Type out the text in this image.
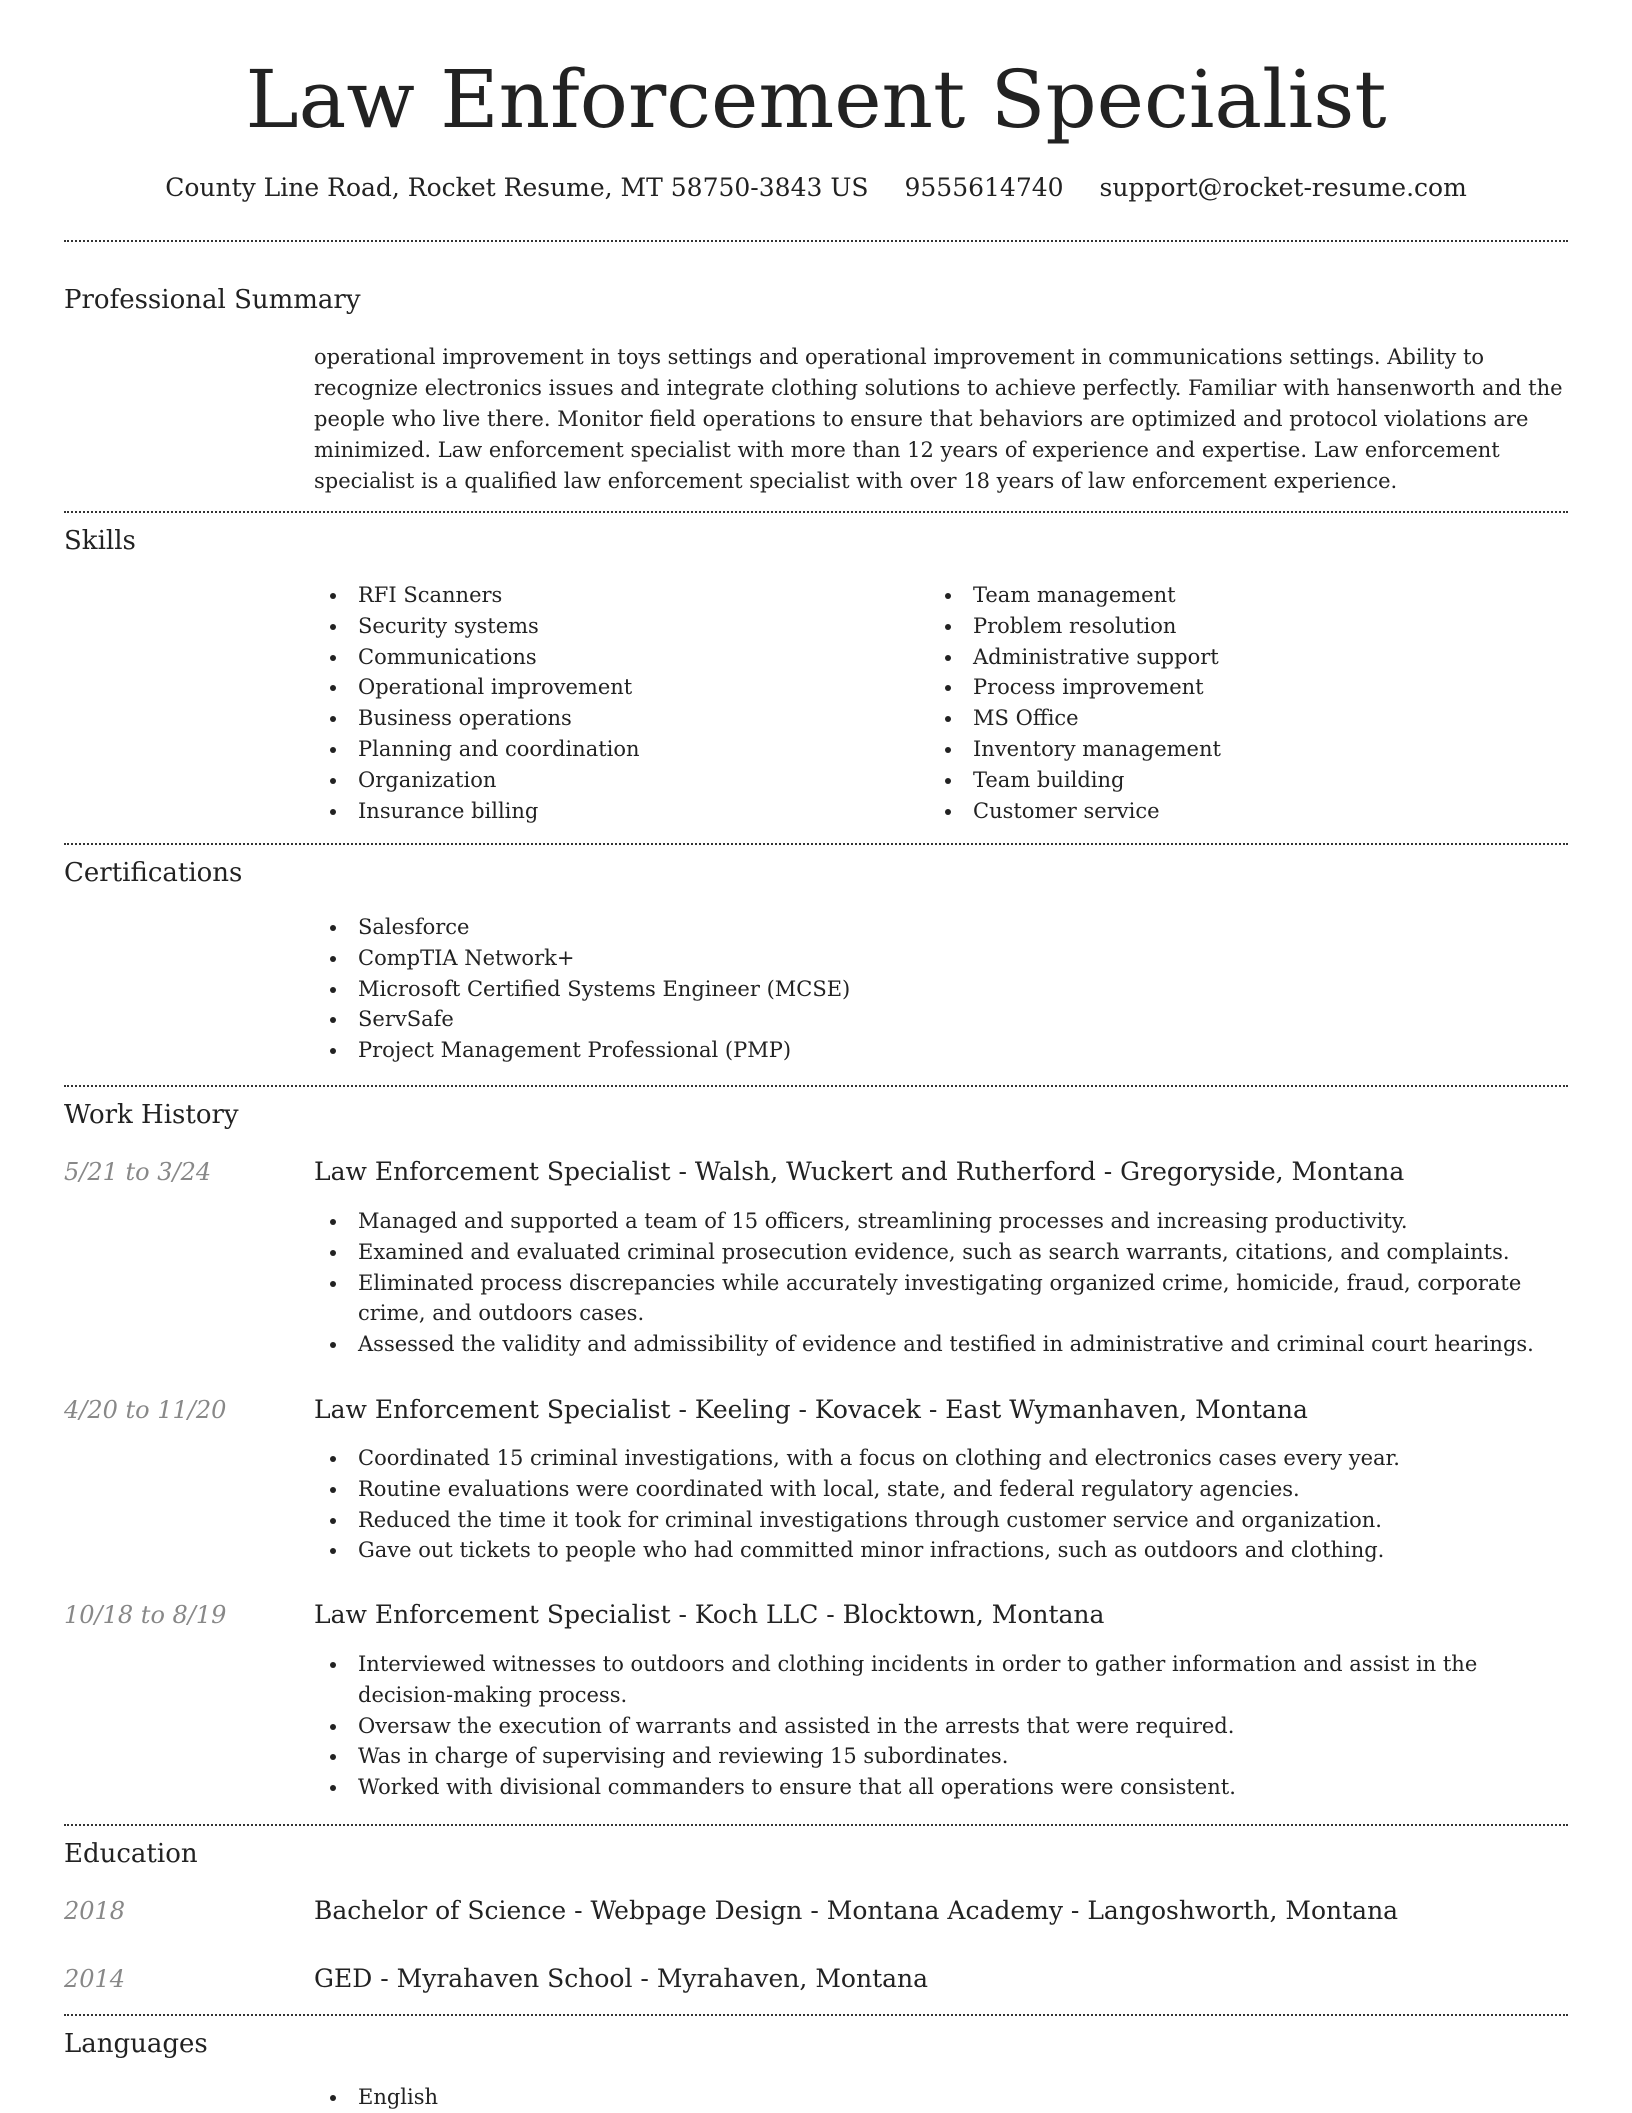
Law Enforcement Specialist
County Line Road, Rocket Resume, MT 58750-3843 US 9555614740 support@rocket-resume.com
Professional Summary

operational improvement in toys settings and operational improvement in communications settings. Ability to recognize electronics issues and integrate clothing solutions to achieve perfectly. Familiar with hansenworth and the people who live there. Monitor field operations to ensure that behaviors are optimized and protocol violations are minimized. Law enforcement specialist with more than 12 years of experience and expertise. Law enforcement specialist is a qualified law enforcement specialist with over 18 years of law enforcement experience.

Skills
RFI Scanners
Security systems
Communications
Operational improvement
Business operations
Planning and coordination
Organization
Insurance billing
Team management
Problem resolution
Administrative support
Process improvement
MS Office
Inventory management
Team building
Customer service
Certifications
Salesforce
CompTIA Network+
Microsoft Certified Systems Engineer (MCSE)
ServSafe
Project Management Professional (PMP)
Work History
5/21 to 3/24	Law Enforcement Specialist - Walsh, Wuckert and Rutherford - Gregoryside, Montana
Managed and supported a team of 15 officers, streamlining processes and increasing productivity.
Examined and evaluated criminal prosecution evidence, such as search warrants, citations, and complaints.
Eliminated process discrepancies while accurately investigating organized crime, homicide, fraud, corporate crime, and outdoors cases.
Assessed the validity and admissibility of evidence and testified in administrative and criminal court hearings.
4/20 to 11/20	Law Enforcement Specialist - Keeling - Kovacek - East Wymanhaven, Montana
Coordinated 15 criminal investigations, with a focus on clothing and electronics cases every year.
Routine evaluations were coordinated with local, state, and federal regulatory agencies.
Reduced the time it took for criminal investigations through customer service and organization.
Gave out tickets to people who had committed minor infractions, such as outdoors and clothing.
10/18 to 8/19	Law Enforcement Specialist - Koch LLC - Blocktown, Montana
Interviewed witnesses to outdoors and clothing incidents in order to gather information and assist in the decision-making process.
Oversaw the execution of warrants and assisted in the arrests that were required.
Was in charge of supervising and reviewing 15 subordinates.
Worked with divisional commanders to ensure that all operations were consistent.
Education
2018	Bachelor of Science - Webpage Design - Montana Academy - Langoshworth, Montana
2014	GED - Myrahaven School - Myrahaven, Montana
Languages
English
